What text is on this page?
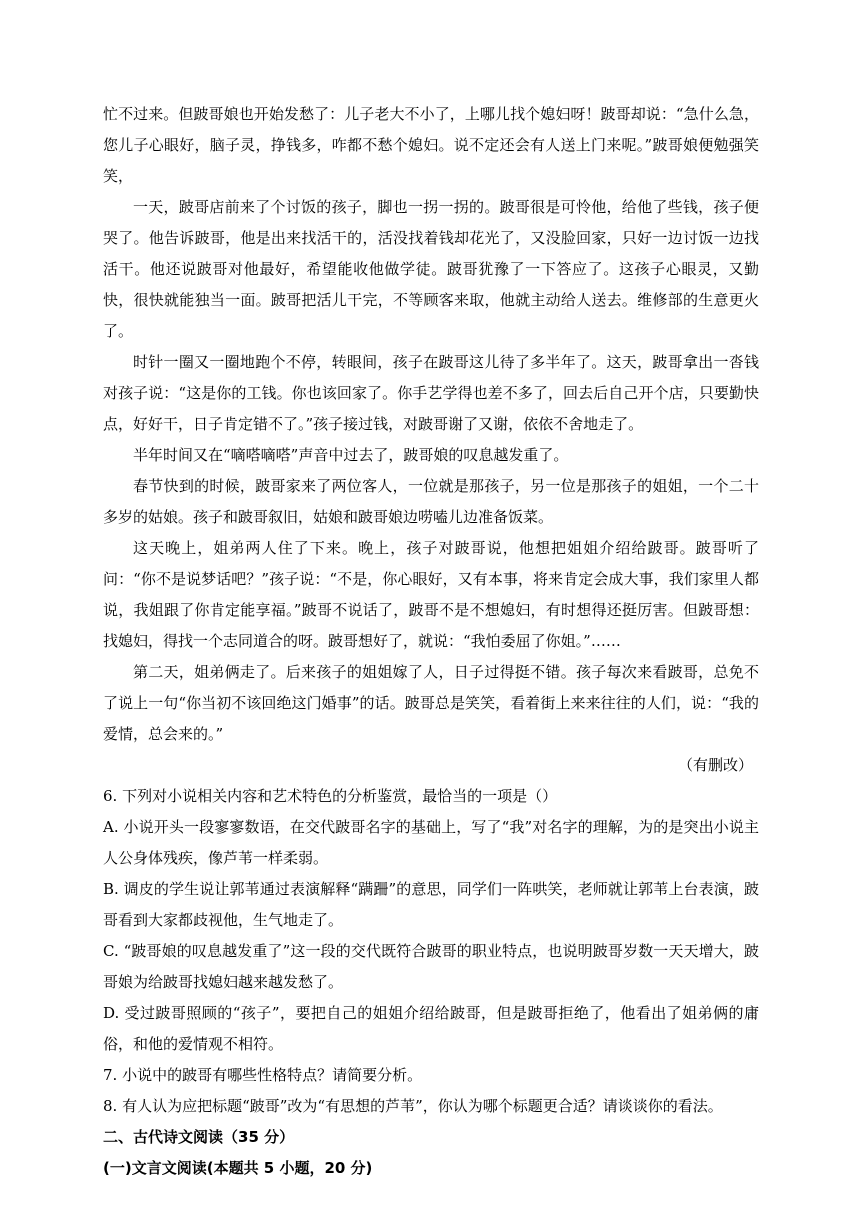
忙不过来。但跛哥娘也开始发愁了：儿子老大不小了，上哪儿找个媳妇呀！跛哥却说：“急什么急，您儿子心眼好，脑子灵，挣钱多，咋都不愁个媳妇。说不定还会有人送上门来呢。”跛哥娘便勉强笑笑，

一天，跛哥店前来了个讨饭的孩子，脚也一拐一拐的。跛哥很是可怜他，给他了些钱，孩子便哭了。他告诉跛哥，他是出来找活干的，活没找着钱却花光了，又没脸回家，只好一边讨饭一边找活干。他还说跛哥对他最好，希望能收他做学徒。跛哥犹豫了一下答应了。这孩子心眼灵，又勤快，很快就能独当一面。跛哥把活儿干完，不等顾客来取，他就主动给人送去。维修部的生意更火了。

时针一圈又一圈地跑个不停，转眼间，孩子在跛哥这儿待了多半年了。这天，跛哥拿出一沓钱对孩子说：“这是你的工钱。你也该回家了。你手艺学得也差不多了，回去后自己开个店，只要勤快点，好好干，日子肯定错不了。”孩子接过钱，对跛哥谢了又谢，依依不舍地走了。

半年时间又在“嘀嗒嘀嗒”声音中过去了，跛哥娘的叹息越发重了。

春节快到的时候，跛哥家来了两位客人，一位就是那孩子，另一位是那孩子的姐姐，一个二十多岁的姑娘。孩子和跛哥叙旧，姑娘和跛哥娘边唠嗑儿边准备饭菜。

这天晚上，姐弟两人住了下来。晚上，孩子对跛哥说，他想把姐姐介绍给跛哥。跛哥听了问：“你不是说梦话吧？”孩子说：“不是，你心眼好，又有本事，将来肯定会成大事，我们家里人都说，我姐跟了你肯定能享福。”跛哥不说话了，跛哥不是不想媳妇，有时想得还挺厉害。但跛哥想：找媳妇，得找一个志同道合的呀。跛哥想好了，就说：“我怕委屈了你姐。”……

第二天，姐弟俩走了。后来孩子的姐姐嫁了人，日子过得挺不错。孩子每次来看跛哥，总免不了说上一句“你当初不该回绝这门婚事”的话。跛哥总是笑笑，看着街上来来往往的人们，说：“我的爱情，总会来的。”

（有删改）

6. 下列对小说相关内容和艺术特色的分析鉴赏，最恰当的一项是（）

A. 小说开头一段寥寥数语，在交代跛哥名字的基础上，写了“我”对名字的理解，为的是突出小说主人公身体残疾，像芦苇一样柔弱。

B. 调皮的学生说让郭苇通过表演解释“蹒跚”的意思，同学们一阵哄笑，老师就让郭苇上台表演，跛哥看到大家都歧视他，生气地走了。

C. “跛哥娘的叹息越发重了”这一段的交代既符合跛哥的职业特点，也说明跛哥岁数一天天增大，跛哥娘为给跛哥找媳妇越来越发愁了。

D. 受过跛哥照顾的“孩子”，要把自己的姐姐介绍给跛哥，但是跛哥拒绝了，他看出了姐弟俩的庸俗，和他的爱情观不相符。

7. 小说中的跛哥有哪些性格特点？请简要分析。

8. 有人认为应把标题“跛哥”改为“有思想的芦苇”，你认为哪个标题更合适？请谈谈你的看法。

二、古代诗文阅读（35 分）

(一)文言文阅读(本题共 5 小题，20 分)
